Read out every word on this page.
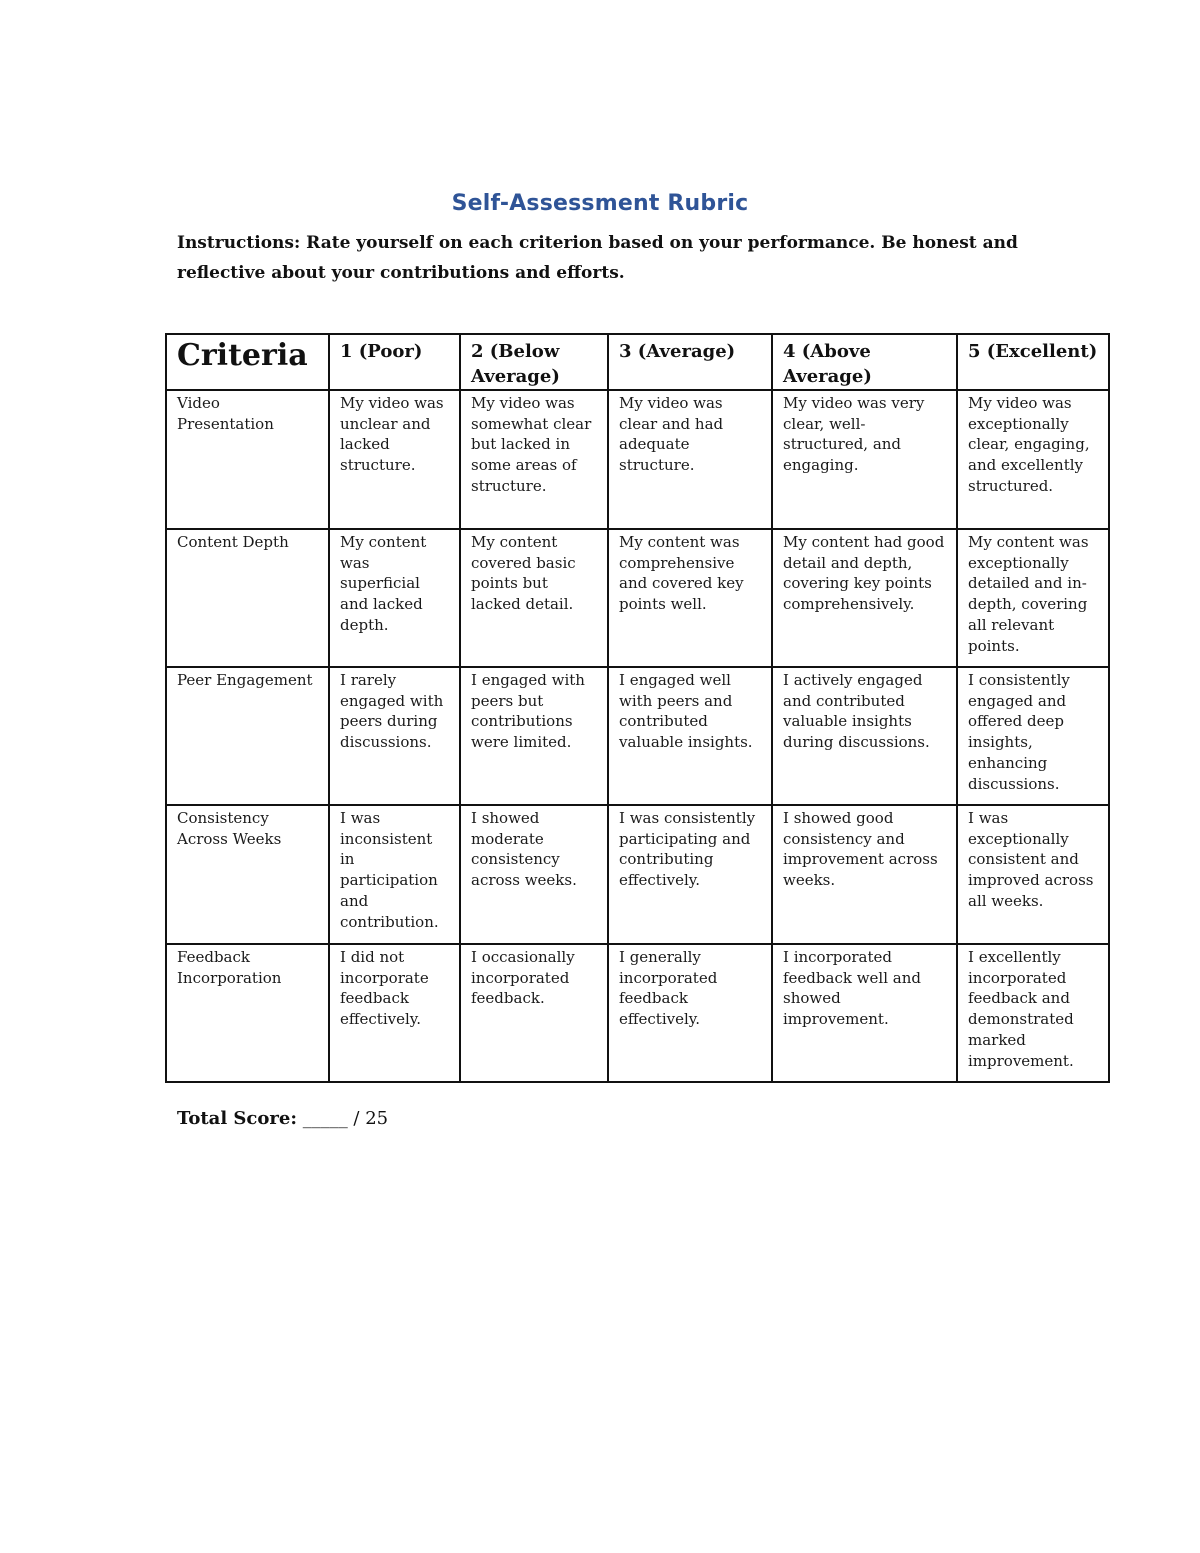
Self-Assessment Rubric
Instructions: Rate yourself on each criterion based on your performance. Be honest and
reflective about your contributions and efforts.
Criteria	1 (Poor)	2 (Below Average)	3 (Average)	4 (Above Average)	5 (Excellent)
Video Presentation	My video was unclear and lacked structure.	My video was somewhat clear but lacked in some areas of structure.	My video was clear and had adequate structure.	My video was very clear, well-structured, and engaging.	My video was exceptionally clear, engaging, and excellently structured.
Content Depth	My content was superficial and lacked depth.	My content covered basic points but lacked detail.	My content was comprehensive and covered key points well.	My content had good detail and depth, covering key points comprehensively.	My content was exceptionally detailed and in-depth, covering all relevant points.
Peer Engagement	I rarely engaged with peers during discussions.	I engaged with peers but contributions were limited.	I engaged well with peers and contributed valuable insights.	I actively engaged and contributed valuable insights during discussions.	I consistently engaged and offered deep insights, enhancing discussions.
Consistency Across Weeks	I was inconsistent in participation and contribution.	I showed moderate consistency across weeks.	I was consistently participating and contributing effectively.	I showed good consistency and improvement across weeks.	I was exceptionally consistent and improved across all weeks.
Feedback Incorporation	I did not incorporate feedback effectively.	I occasionally incorporated feedback.	I generally incorporated feedback effectively.	I incorporated feedback well and showed improvement.	I excellently incorporated feedback and demonstrated marked improvement.
Total Score: _____ / 25
